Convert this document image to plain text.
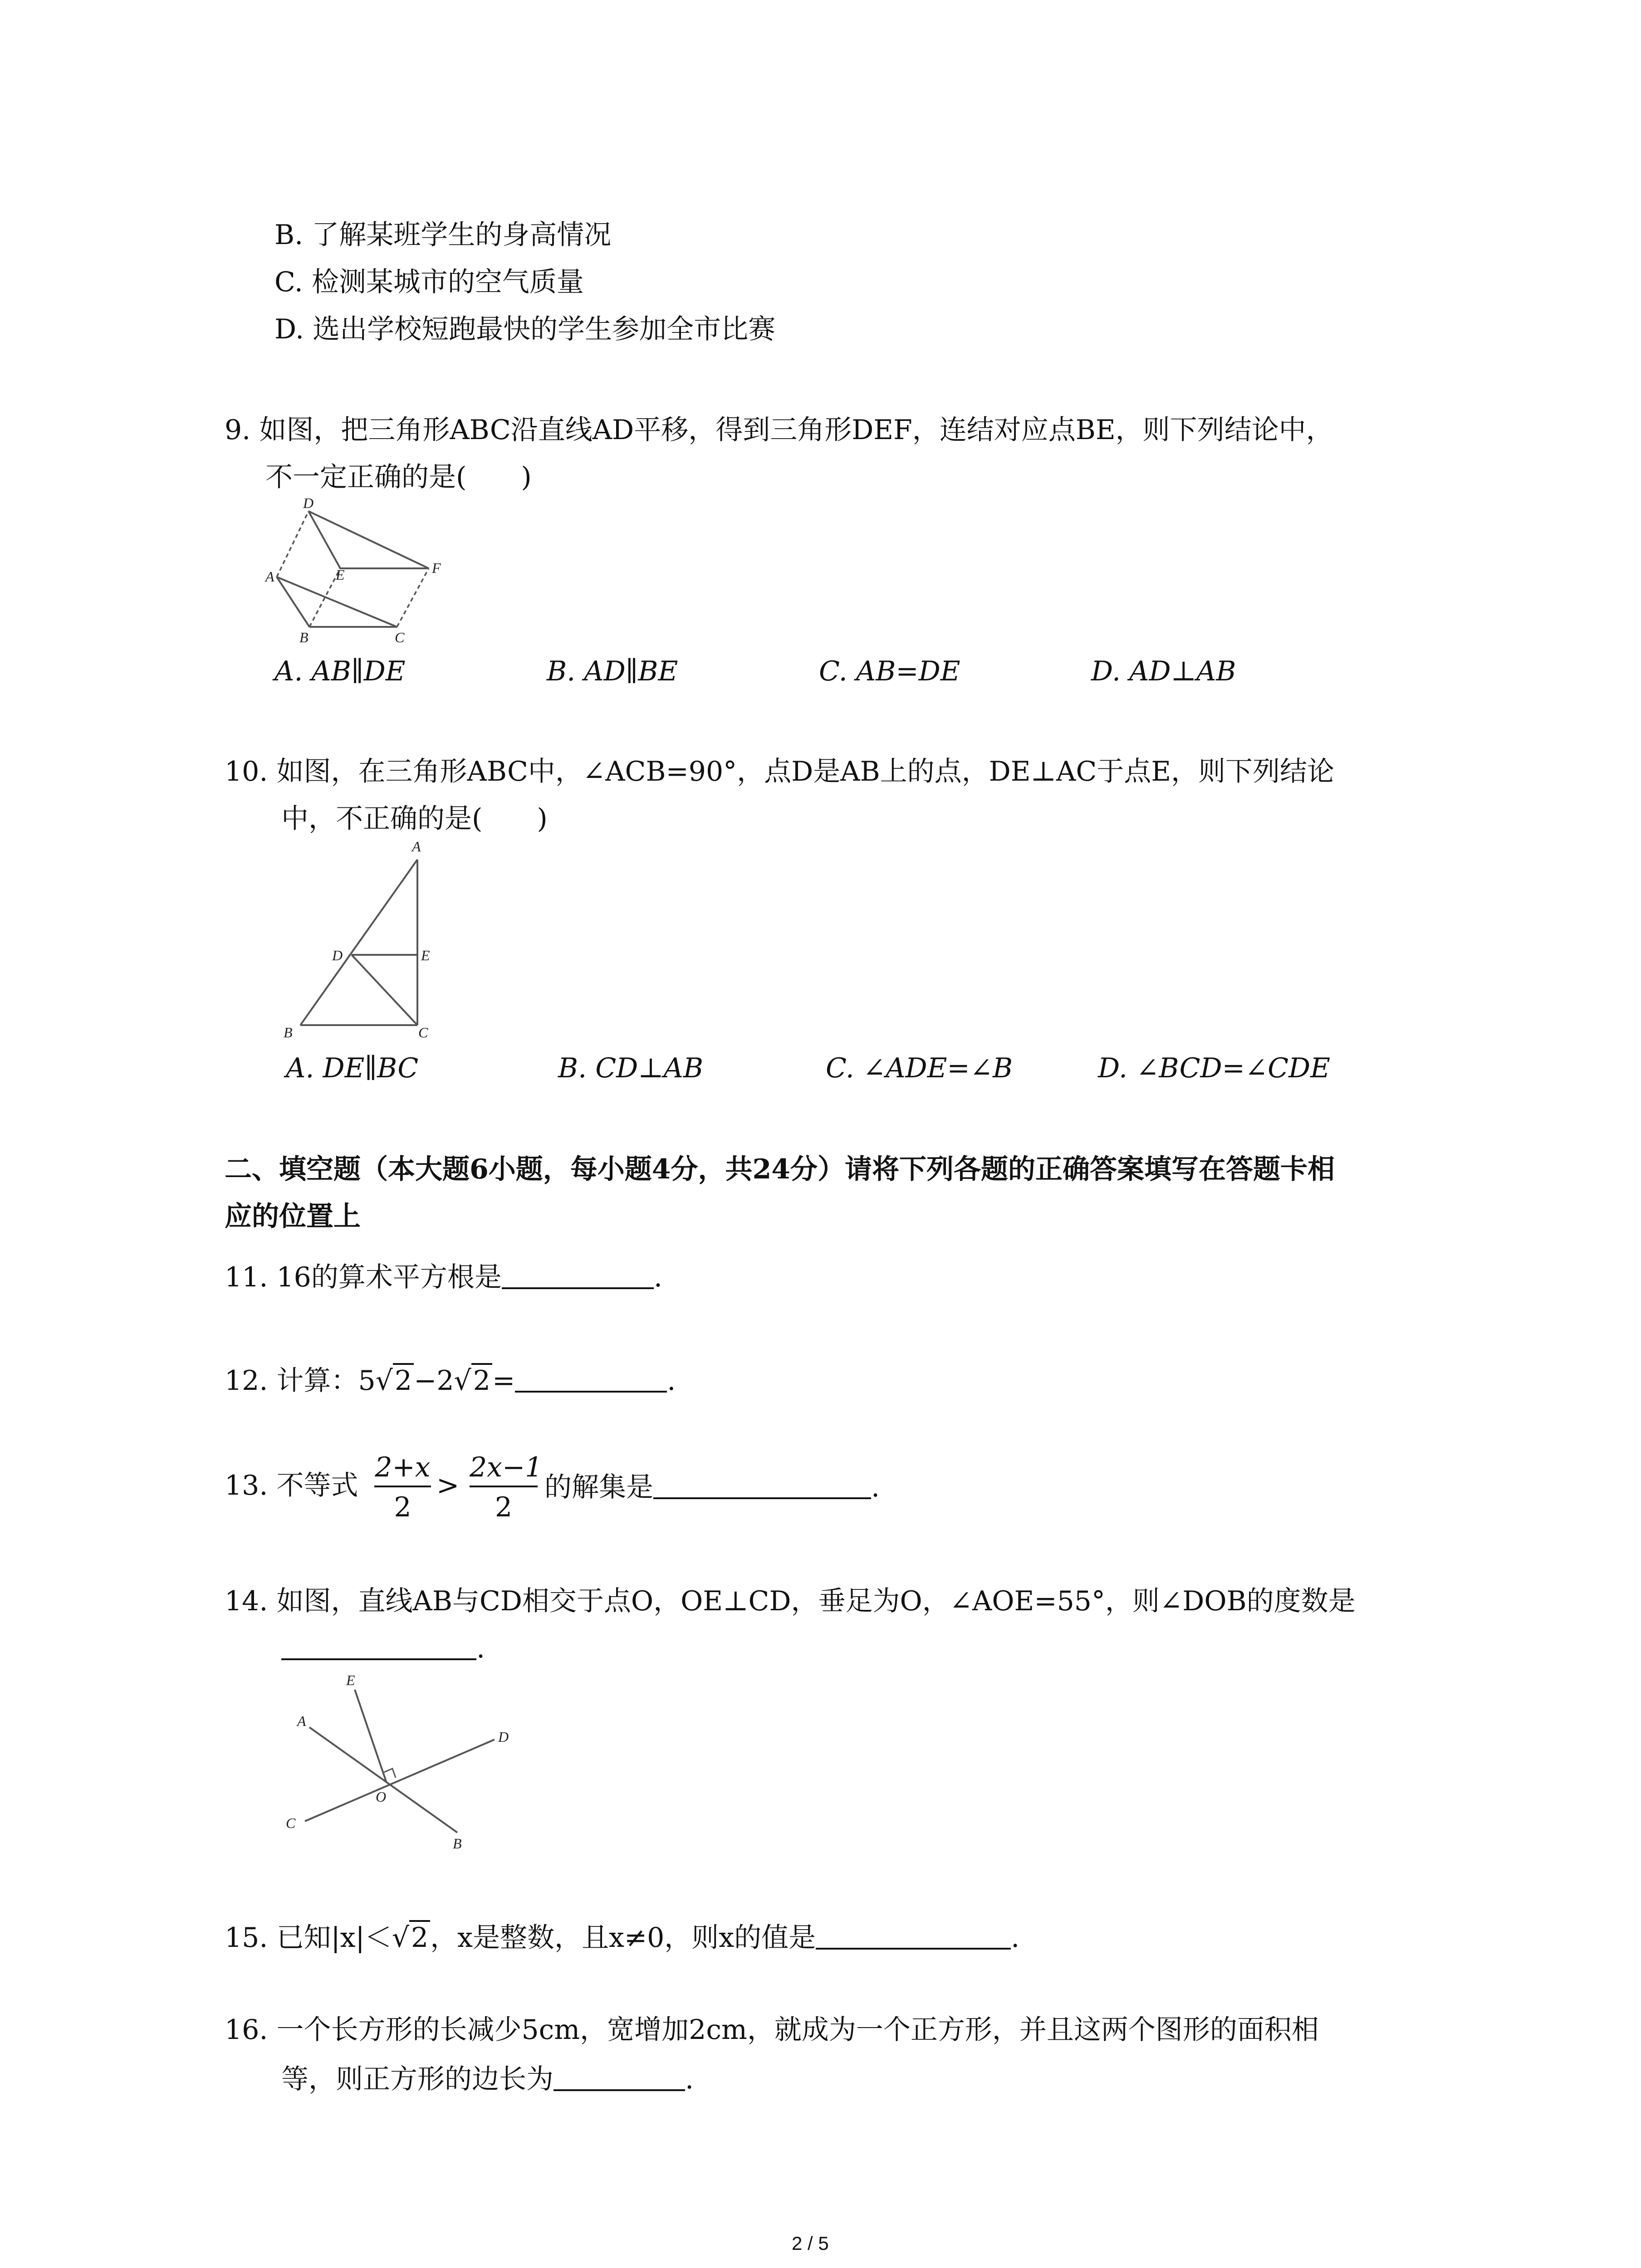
B. 了解某班学生的身高情况
C. 检测某城市的空气质量
D. 选出学校短跑最快的学生参加全市比赛
9. 如图，把三角形ABC沿直线AD平移，得到三角形DEF，连结对应点BE，则下列结论中，
不一定正确的是(　　)
D
E	F
A
B	C
A. AB∥DE	B. AD∥BE	C. AB=DE	D. AD⊥AB
10. 如图，在三角形ABC中，∠ACB=90°，点D是AB上的点，DE⊥AC于点E，则下列结论
中，不正确的是(　　)
A
D	E
B	C
A. DE∥BC	B. CD⊥AB	C. ∠ADE=∠B	D. ∠BCD=∠CDE
二、填空题（本大题6小题，每小题4分，共24分）请将下列各题的正确答案填写在答题卡相
应的位置上
11. 16的算术平方根是	.
12. 计算：5√2−2√2=	.
13. 不等式 $\frac{2+x}{2} > \frac{2x-1}{2}$ 的解集是	.
14. 如图，直线AB与CD相交于点O，OE⊥CD，垂足为O，∠AOE=55°，则∠DOB的度数是
.
E
A
D
O
C
B
15. 已知|x|＜√2，x是整数，且x≠0，则x的值是	.
16. 一个长方形的长减少5cm，宽增加2cm，就成为一个正方形，并且这两个图形的面积相
等，则正方形的边长为	.
2 / 5
